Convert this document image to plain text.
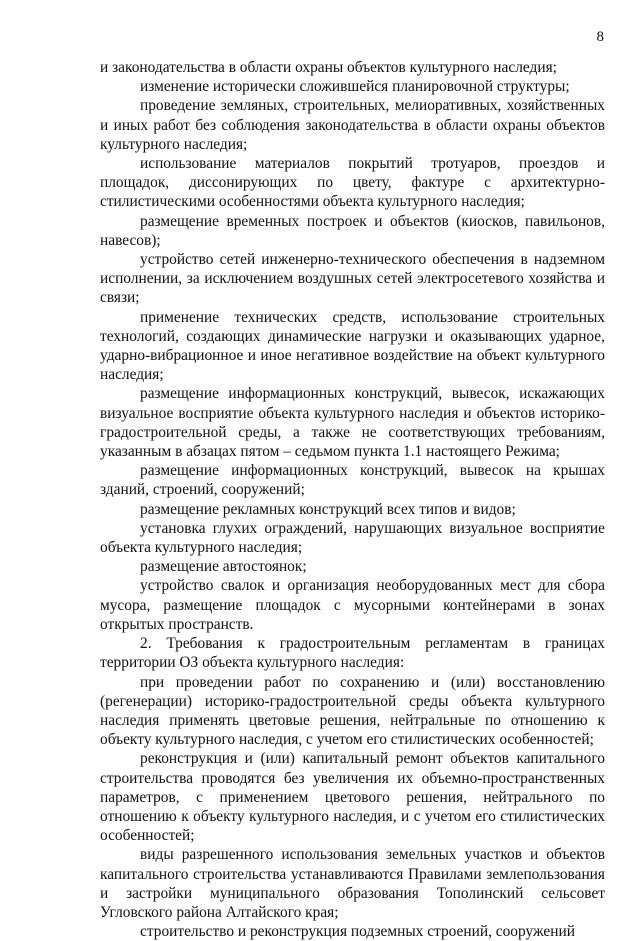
8

и законодательства в области охраны объектов культурного наследия;

изменение исторически сложившейся планировочной структуры;

проведение земляных, строительных, мелиоративных, хозяйственных и иных работ без соблюдения законодательства в области охраны объектов культурного наследия;

использование материалов покрытий тротуаров, проездов и площадок, диссонирующих по цвету, фактуре с архитектурно-стилистическими особенностями объекта культурного наследия;

размещение временных построек и объектов (киосков, павильонов, навесов);

устройство сетей инженерно-технического обеспечения в надземном исполнении, за исключением воздушных сетей электросетевого хозяйства и связи;

применение технических средств, использование строительных технологий, создающих динамические нагрузки и оказывающих ударное, ударно-вибрационное и иное негативное воздействие на объект культурного наследия;

размещение информационных конструкций, вывесок, искажающих визуальное восприятие объекта культурного наследия и объектов историко-градостроительной среды, а также не соответствующих требованиям, указанным в абзацах пятом – седьмом пункта 1.1 настоящего Режима;

размещение информационных конструкций, вывесок на крышах зданий, строений, сооружений;

размещение рекламных конструкций всех типов и видов;

установка глухих ограждений, нарушающих визуальное восприятие объекта культурного наследия;

размещение автостоянок;

устройство свалок и организация необорудованных мест для сбора мусора, размещение площадок с мусорными контейнерами в зонах открытых пространств.

2. Требования к градостроительным регламентам в границах территории ОЗ объекта культурного наследия:

при проведении работ по сохранению и (или) восстановлению (регенерации) историко-градостроительной среды объекта культурного наследия применять цветовые решения, нейтральные по отношению к объекту культурного наследия, с учетом его стилистических особенностей;

реконструкция и (или) капитальный ремонт объектов капитального строительства проводятся без увеличения их объемно-пространственных параметров, с применением цветового решения, нейтрального по отношению к объекту культурного наследия, и с учетом его стилистических особенностей;

виды разрешенного использования земельных участков и объектов капитального строительства устанавливаются Правилами землепользования и застройки муниципального образования Тополинский сельсовет Угловского района Алтайского края;

строительство и реконструкция подземных строений, сооружений
